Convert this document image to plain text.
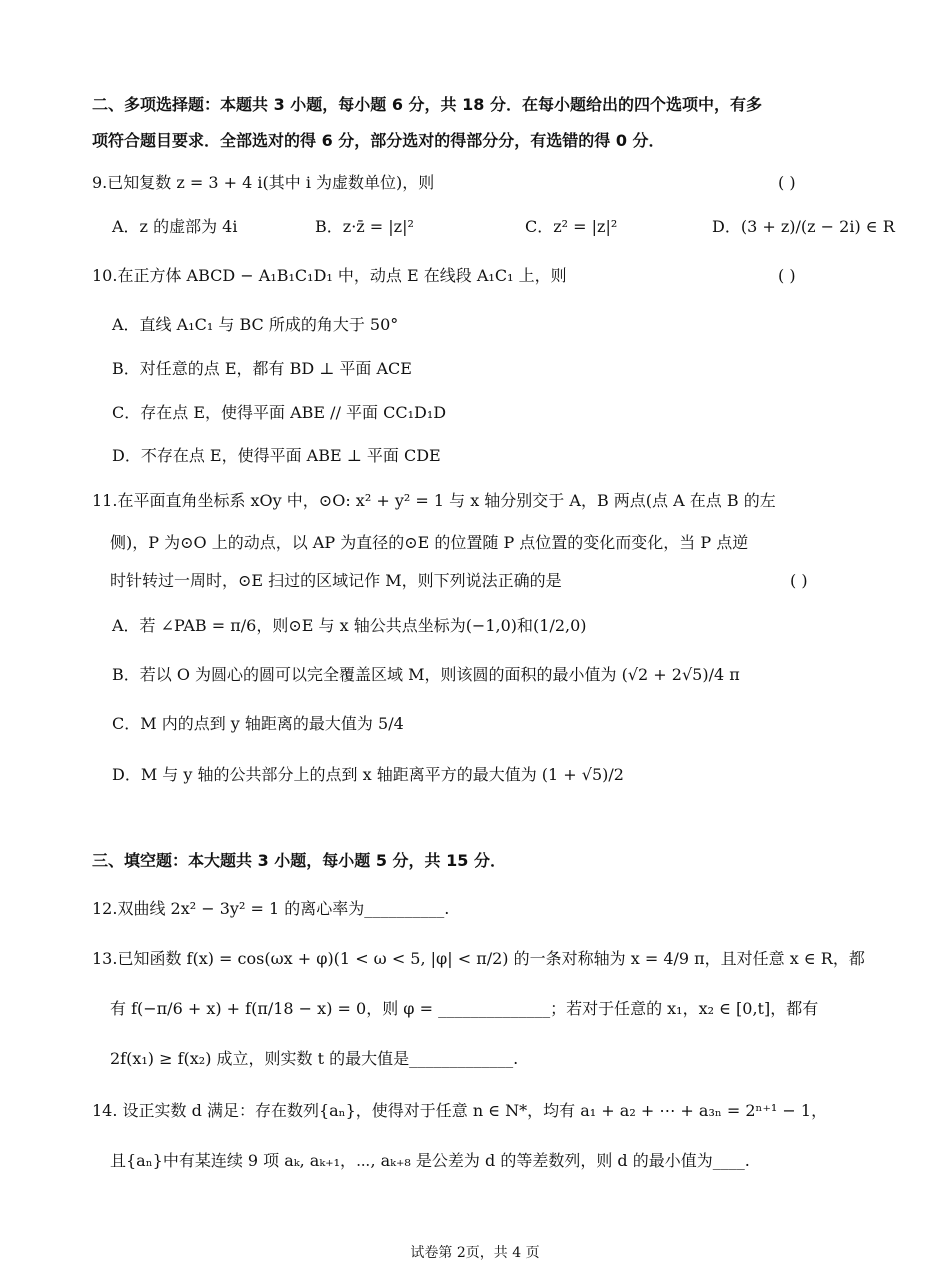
二、多项选择题：本题共 3 小题，每小题 6 分，共 18 分．在每小题给出的四个选项中，有多
项符合题目要求．全部选对的得 6 分，部分选对的得部分分，有选错的得 0 分．
9.已知复数 z = 3 + 4 i(其中 i 为虚数单位)，则	( )
A．z 的虚部为 4i	B．z·z̄ = |z|²	C．z² = |z|²	D．(3 + z)/(z − 2i) ∈ R
10.在正方体 ABCD − A₁B₁C₁D₁ 中，动点 E 在线段 A₁C₁ 上，则	( )
A．直线 A₁C₁ 与 BC 所成的角大于 50°
B．对任意的点 E，都有 BD ⊥ 平面 ACE
C．存在点 E，使得平面 ABE // 平面 CC₁D₁D
D．不存在点 E，使得平面 ABE ⊥ 平面 CDE
11.在平面直角坐标系 xOy 中，⊙O: x² + y² = 1 与 x 轴分别交于 A，B 两点(点 A 在点 B 的左
侧)，P 为⊙O 上的动点，以 AP 为直径的⊙E 的位置随 P 点位置的变化而变化，当 P 点逆
时针转过一周时，⊙E 扫过的区域记作 M，则下列说法正确的是	( )
A．若 ∠PAB = π/6，则⊙E 与 x 轴公共点坐标为(−1,0)和(1/2,0)
B．若以 O 为圆心的圆可以完全覆盖区域 M，则该圆的面积的最小值为 (√2 + 2√5)/4 π
C．M 内的点到 y 轴距离的最大值为 5/4
D．M 与 y 轴的公共部分上的点到 x 轴距离平方的最大值为 (1 + √5)/2
三、填空题：本大题共 3 小题，每小题 5 分，共 15 分．
12.双曲线 2x² − 3y² = 1 的离心率为__________.
13.已知函数 f(x) = cos(ωx + φ)(1 < ω < 5, |φ| < π/2) 的一条对称轴为 x = 4/9 π，且对任意 x ∈ R，都
有 f(−π/6 + x) + f(π/18 − x) = 0，则 φ = ______________；若对于任意的 x₁，x₂ ∈ [0,t]，都有
2f(x₁) ≥ f(x₂) 成立，则实数 t 的最大值是_____________.
14. 设正实数 d 满足：存在数列{aₙ}，使得对于任意 n ∈ N*，均有 a₁ + a₂ + ⋯ + a₃ₙ = 2ⁿ⁺¹ − 1，
且{aₙ}中有某连续 9 项 aₖ, aₖ₊₁，⋯, aₖ₊₈ 是公差为 d 的等差数列，则 d 的最小值为____.
试卷第 2页，共 4 页
